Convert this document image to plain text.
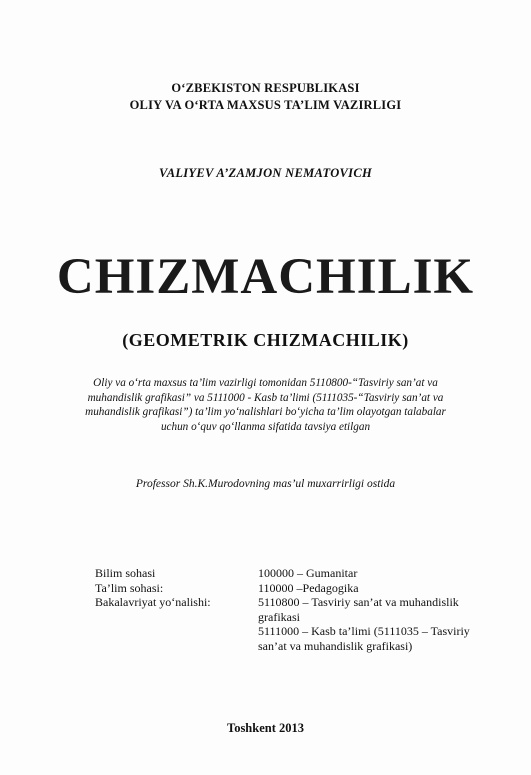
O‘ZBEKISTON RESPUBLIKASI
OLIY VA O‘RTA MAXSUS TA’LIM VAZIRLIGI
VALIYEV A’ZAMJON NEMATOVICH
CHIZMACHILIK
(GEOMETRIK CHIZMACHILIK)
Oliy va o‘rta maxsus ta’lim vazirligi tomonidan 5110800-“Tasviriy san’at va
muhandislik grafikasi” va 5111000 - Kasb ta’limi (5111035-“Tasviriy san’at va
muhandislik grafikasi”) ta’lim yo‘nalishlari bo‘yicha ta’lim olayotgan talabalar
uchun o‘quv qo‘llanma sifatida tavsiya etilgan
Professor Sh.K.Murodovning mas’ul muxarrirligi ostida
Bilim sohasi
Ta’lim sohasi:
Bakalavriyat yo‘nalishi:
100000 – Gumanitar
110000 –Pedagogika
5110800 – Tasviriy san’at va muhandislik
grafikasi
5111000 – Kasb ta’limi (5111035 – Tasviriy
san’at va muhandislik grafikasi)
Toshkent 2013
